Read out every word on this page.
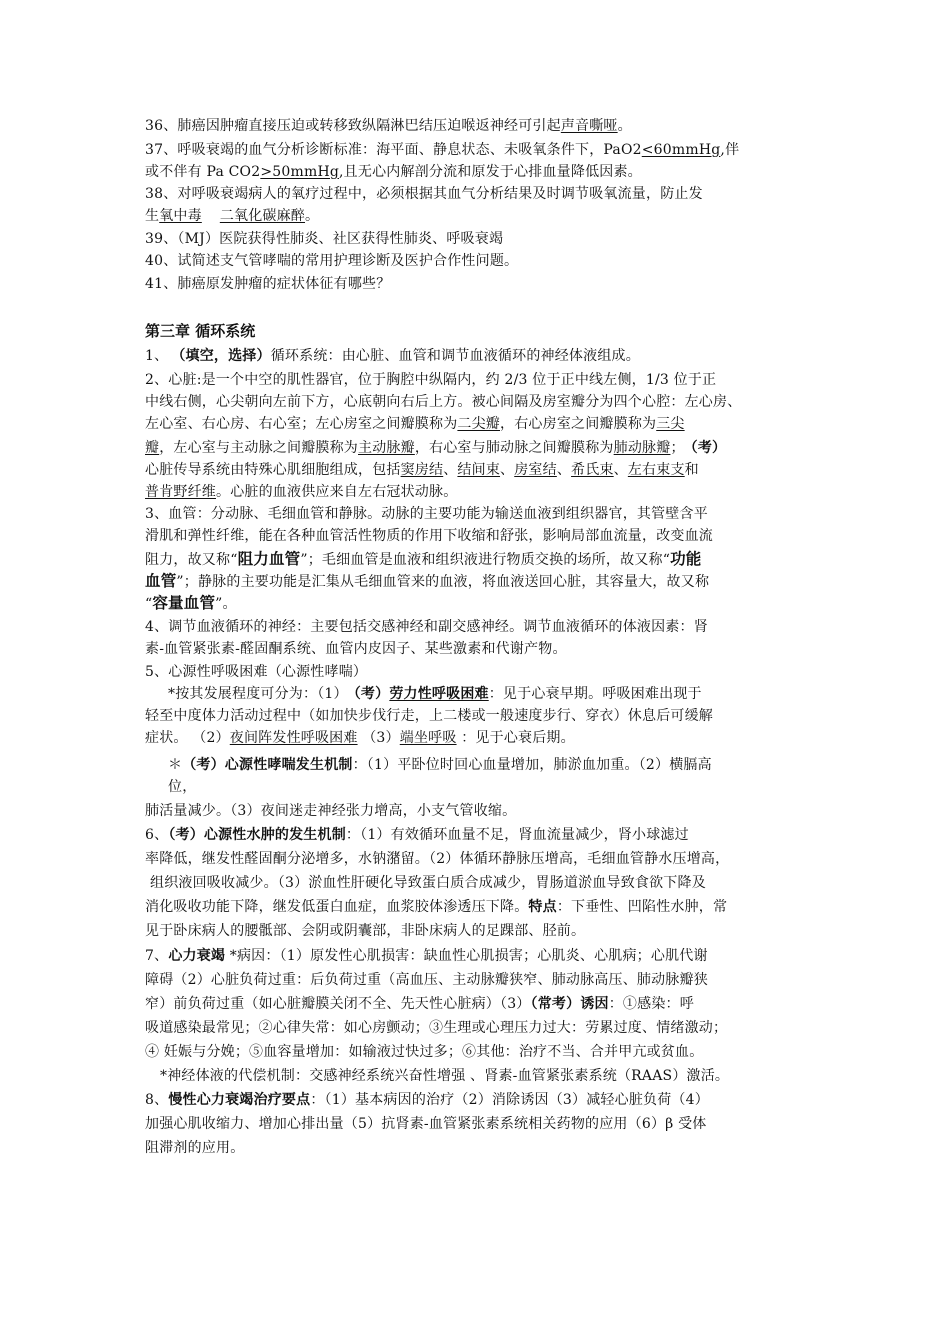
36、肺癌因肿瘤直接压迫或转移致纵隔淋巴结压迫喉返神经可引起声音嘶哑。
37、呼吸衰竭的血气分析诊断标准：海平面、静息状态、未吸氧条件下，PaO2<60mmHg,伴
或不伴有 Pa CO2>50mmHg,且无心内解剖分流和原发于心排血量降低因素。
38、对呼吸衰竭病人的氧疗过程中，必须根据其血气分析结果及时调节吸氧流量，防止发
生氧中毒 二氧化碳麻醉。
39、（MJ）医院获得性肺炎、社区获得性肺炎、呼吸衰竭
40、试简述支气管哮喘的常用护理诊断及医护合作性问题。
41、肺癌原发肿瘤的症状体征有哪些？
第三章 循环系统
1、 （填空，选择）循环系统：由心脏、血管和调节血液循环的神经体液组成。
2、心脏:是一个中空的肌性器官，位于胸腔中纵隔内，约 2/3 位于正中线左侧，1/3 位于正
中线右侧，心尖朝向左前下方，心底朝向右后上方。被心间隔及房室瓣分为四个心腔：左心房、
左心室、右心房、右心室；左心房室之间瓣膜称为二尖瓣，右心房室之间瓣膜称为三尖
瓣，左心室与主动脉之间瓣膜称为主动脉瓣，右心室与肺动脉之间瓣膜称为肺动脉瓣； （考）
心脏传导系统由特殊心肌细胞组成，包括窦房结、结间束、房室结、希氏束、左右束支和
普肯野纤维。心脏的血液供应来自左右冠状动脉。
3、血管：分动脉、毛细血管和静脉。动脉的主要功能为输送血液到组织器官，其管壁含平
滑肌和弹性纤维，能在各种血管活性物质的作用下收缩和舒张，影响局部血流量，改变血流
阻力，故又称“阻力血管”；毛细血管是血液和组织液进行物质交换的场所，故又称“功能
血管”；静脉的主要功能是汇集从毛细血管来的血液，将血液送回心脏，其容量大，故又称
“容量血管”。
4、调节血液循环的神经：主要包括交感神经和副交感神经。调节血液循环的体液因素：肾
素-血管紧张素-醛固酮系统、血管内皮因子、某些激素和代谢产物。
5、心源性呼吸困难（心源性哮喘）
*按其发展程度可分为：（1） （考）劳力性呼吸困难：见于心衰早期。呼吸困难出现于
轻至中度体力活动过程中（如加快步伐行走，上二楼或一般速度步行、穿衣）休息后可缓解
症状。 （2）夜间阵发性呼吸困难 （3）端坐呼吸 ：见于心衰后期。
＊（考）心源性哮喘发生机制：（1）平卧位时回心血量增加，肺淤血加重。（2）横膈高
位，
肺活量减少。（3）夜间迷走神经张力增高，小支气管收缩。
6、（考）心源性水肿的发生机制：（1）有效循环血量不足，肾血流量减少，肾小球滤过
率降低，继发性醛固酮分泌增多，水钠潴留。（2）体循环静脉压增高，毛细血管静水压增高，
组织液回吸收减少。（3）淤血性肝硬化导致蛋白质合成减少，胃肠道淤血导致食欲下降及
消化吸收功能下降，继发低蛋白血症，血浆胶体渗透压下降。特点：下垂性、凹陷性水肿，常
见于卧床病人的腰骶部、会阴或阴囊部，非卧床病人的足踝部、胫前。
7、心力衰竭 *病因：（1）原发性心肌损害：缺血性心肌损害；心肌炎、心肌病；心肌代谢
障碍（2）心脏负荷过重：后负荷过重（高血压、主动脉瓣狭窄、肺动脉高压、肺动脉瓣狭
窄）前负荷过重（如心脏瓣膜关闭不全、先天性心脏病）（3）（常考）诱因：①感染：呼
吸道感染最常见；②心律失常：如心房颤动；③生理或心理压力过大：劳累过度、情绪激动；
④ 妊娠与分娩；⑤血容量增加：如输液过快过多；⑥其他：治疗不当、合并甲亢或贫血。
*神经体液的代偿机制：交感神经系统兴奋性增强 、肾素-血管紧张素系统（RAAS）激活。
8、慢性心力衰竭治疗要点：（1）基本病因的治疗（2）消除诱因（3）减轻心脏负荷（4）
加强心肌收缩力、增加心排出量（5）抗肾素-血管紧张素系统相关药物的应用（6）β 受体
阻滞剂的应用。
